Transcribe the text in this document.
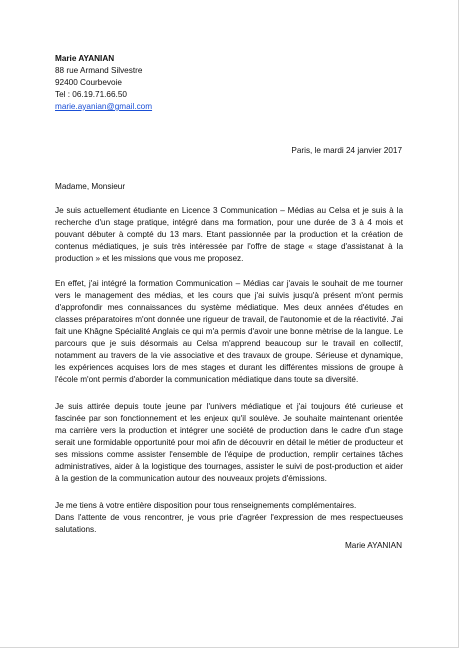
Marie AYANIAN
88 rue Armand Silvestre
92400 Courbevoie
Tel : 06.19.71.66.50
marie.ayanian@gmail.com
Paris, le mardi 24 janvier 2017
Madame, Monsieur

Je suis actuellement étudiante en Licence 3 Communication – Médias au Celsa et je suis à la recherche d'un stage pratique, intégré dans ma formation, pour une durée de 3 à 4 mois et pouvant débuter à compté du 13 mars. Etant passionnée par la production et la création de contenus médiatiques, je suis très intéressée par l'offre de stage « stage d'assistanat à la production » et les missions que vous me proposez.

En effet, j'ai intégré la formation Communication – Médias car j'avais le souhait de me tourner vers le management des médias, et les cours que j'ai suivis jusqu'à présent m'ont permis d'approfondir mes connaissances du système médiatique. Mes deux années d'études en classes préparatoires m'ont donnée une rigueur de travail, de l'autonomie et de la réactivité. J'ai fait une Khâgne Spécialité Anglais ce qui m'a permis d'avoir une bonne mètrise de la langue. Le parcours que je suis désormais au Celsa m'apprend beaucoup sur le travail en collectif, notamment au travers de la vie associative et des travaux de groupe. Sérieuse et dynamique, les expériences acquises lors de mes stages et durant les différentes missions de groupe à l'école m'ont permis d'aborder la communication médiatique dans toute sa diversité.

Je suis attirée depuis toute jeune par l'univers médiatique et j'ai toujours été curieuse et fascinée par son fonctionnement et les enjeux qu'il soulève. Je souhaite maintenant orientée ma carrière vers la production et intégrer une société de production dans le cadre d'un stage serait une formidable opportunité pour moi afin de découvrir en détail le métier de producteur et ses missions comme assister l'ensemble de l'équipe de production, remplir certaines tâches administratives, aider à la logistique des tournages, assister le suivi de post-production et aider à la gestion de la communication autour des nouveaux projets d'émissions.

Je me tiens à votre entière disposition pour tous renseignements complémentaires.
Dans l'attente de vous rencontrer, je vous prie d'agréer l'expression de mes respectueuses salutations.
Marie AYANIAN
